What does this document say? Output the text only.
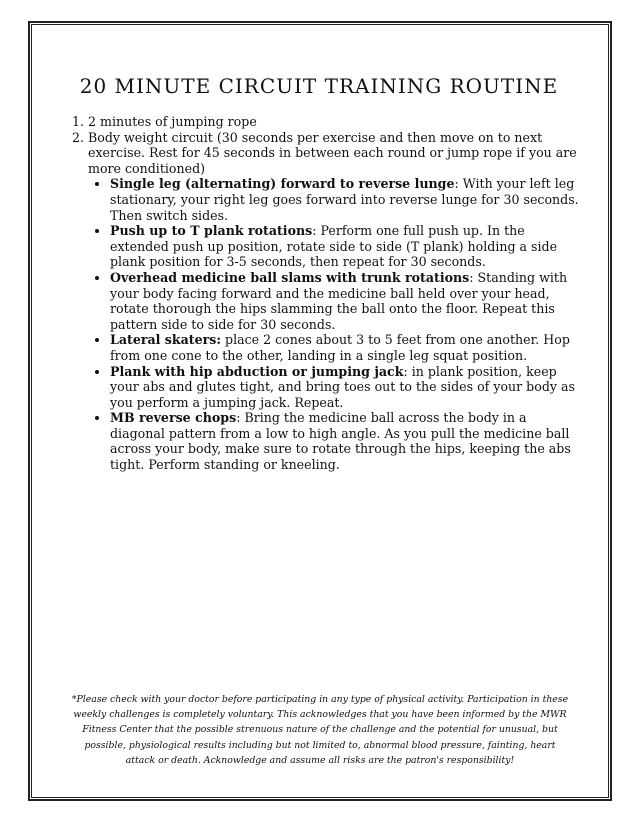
20 MINUTE CIRCUIT TRAINING ROUTINE
1. 2 minutes of jumping rope
2. Body weight circuit (30 seconds per exercise and then move on to next exercise. Rest for 45 seconds in between each round or jump rope if you are more conditioned)
• Single leg (alternating) forward to reverse lunge: With your left leg stationary, your right leg goes forward into reverse lunge for 30 seconds. Then switch sides.
• Push up to T plank rotations: Perform one full push up. In the extended push up position, rotate side to side (T plank) holding a side plank position for 3-5 seconds, then repeat for 30 seconds.
• Overhead medicine ball slams with trunk rotations: Standing with your body facing forward and the medicine ball held over your head, rotate thorough the hips slamming the ball onto the floor. Repeat this pattern side to side for 30 seconds.
• Lateral skaters: place 2 cones about 3 to 5 feet from one another. Hop from one cone to the other, landing in a single leg squat position.
• Plank with hip abduction or jumping jack: in plank position, keep your abs and glutes tight, and bring toes out to the sides of your body as you perform a jumping jack. Repeat.
• MB reverse chops: Bring the medicine ball across the body in a diagonal pattern from a low to high angle. As you pull the medicine ball across your body, make sure to rotate through the hips, keeping the abs tight. Perform standing or kneeling.

*Please check with your doctor before participating in any type of physical activity. Participation in these weekly challenges is completely voluntary. This acknowledges that you have been informed by the MWR Fitness Center that the possible strenuous nature of the challenge and the potential for unusual, but possible, physiological results including but not limited to, abnormal blood pressure, fainting, heart attack or death. Acknowledge and assume all risks are the patron's responsibility!
